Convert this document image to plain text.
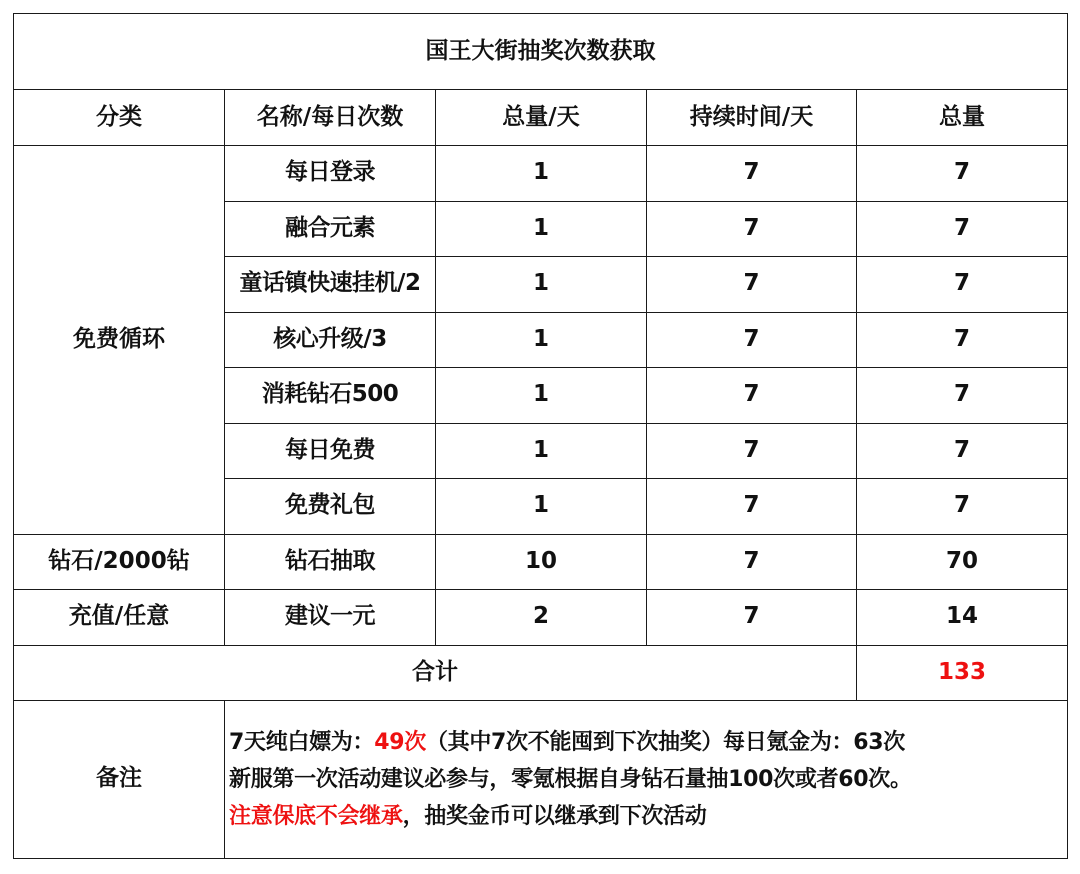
国王大街抽奖次数获取				
分类	名称/每日次数	总量/天	持续时间/天	总量
免费循环	每日登录	1	7	7
	融合元素	1	7	7
	童话镇快速挂机/2	1	7	7
	核心升级/3	1	7	7
	消耗钻石500	1	7	7
	每日免费	1	7	7
	免费礼包	1	7	7
钻石/2000钻	钻石抽取	10	7	70
充值/任意	建议一元	2	7	14
合计				133
备注	7天纯白嫖为：49次（其中7次不能囤到下次抽奖）每日氪金为：63次
新服第一次活动建议必参与，零氪根据自身钻石量抽100次或者60次。
注意保底不会继承，抽奖金币可以继承到下次活动			
